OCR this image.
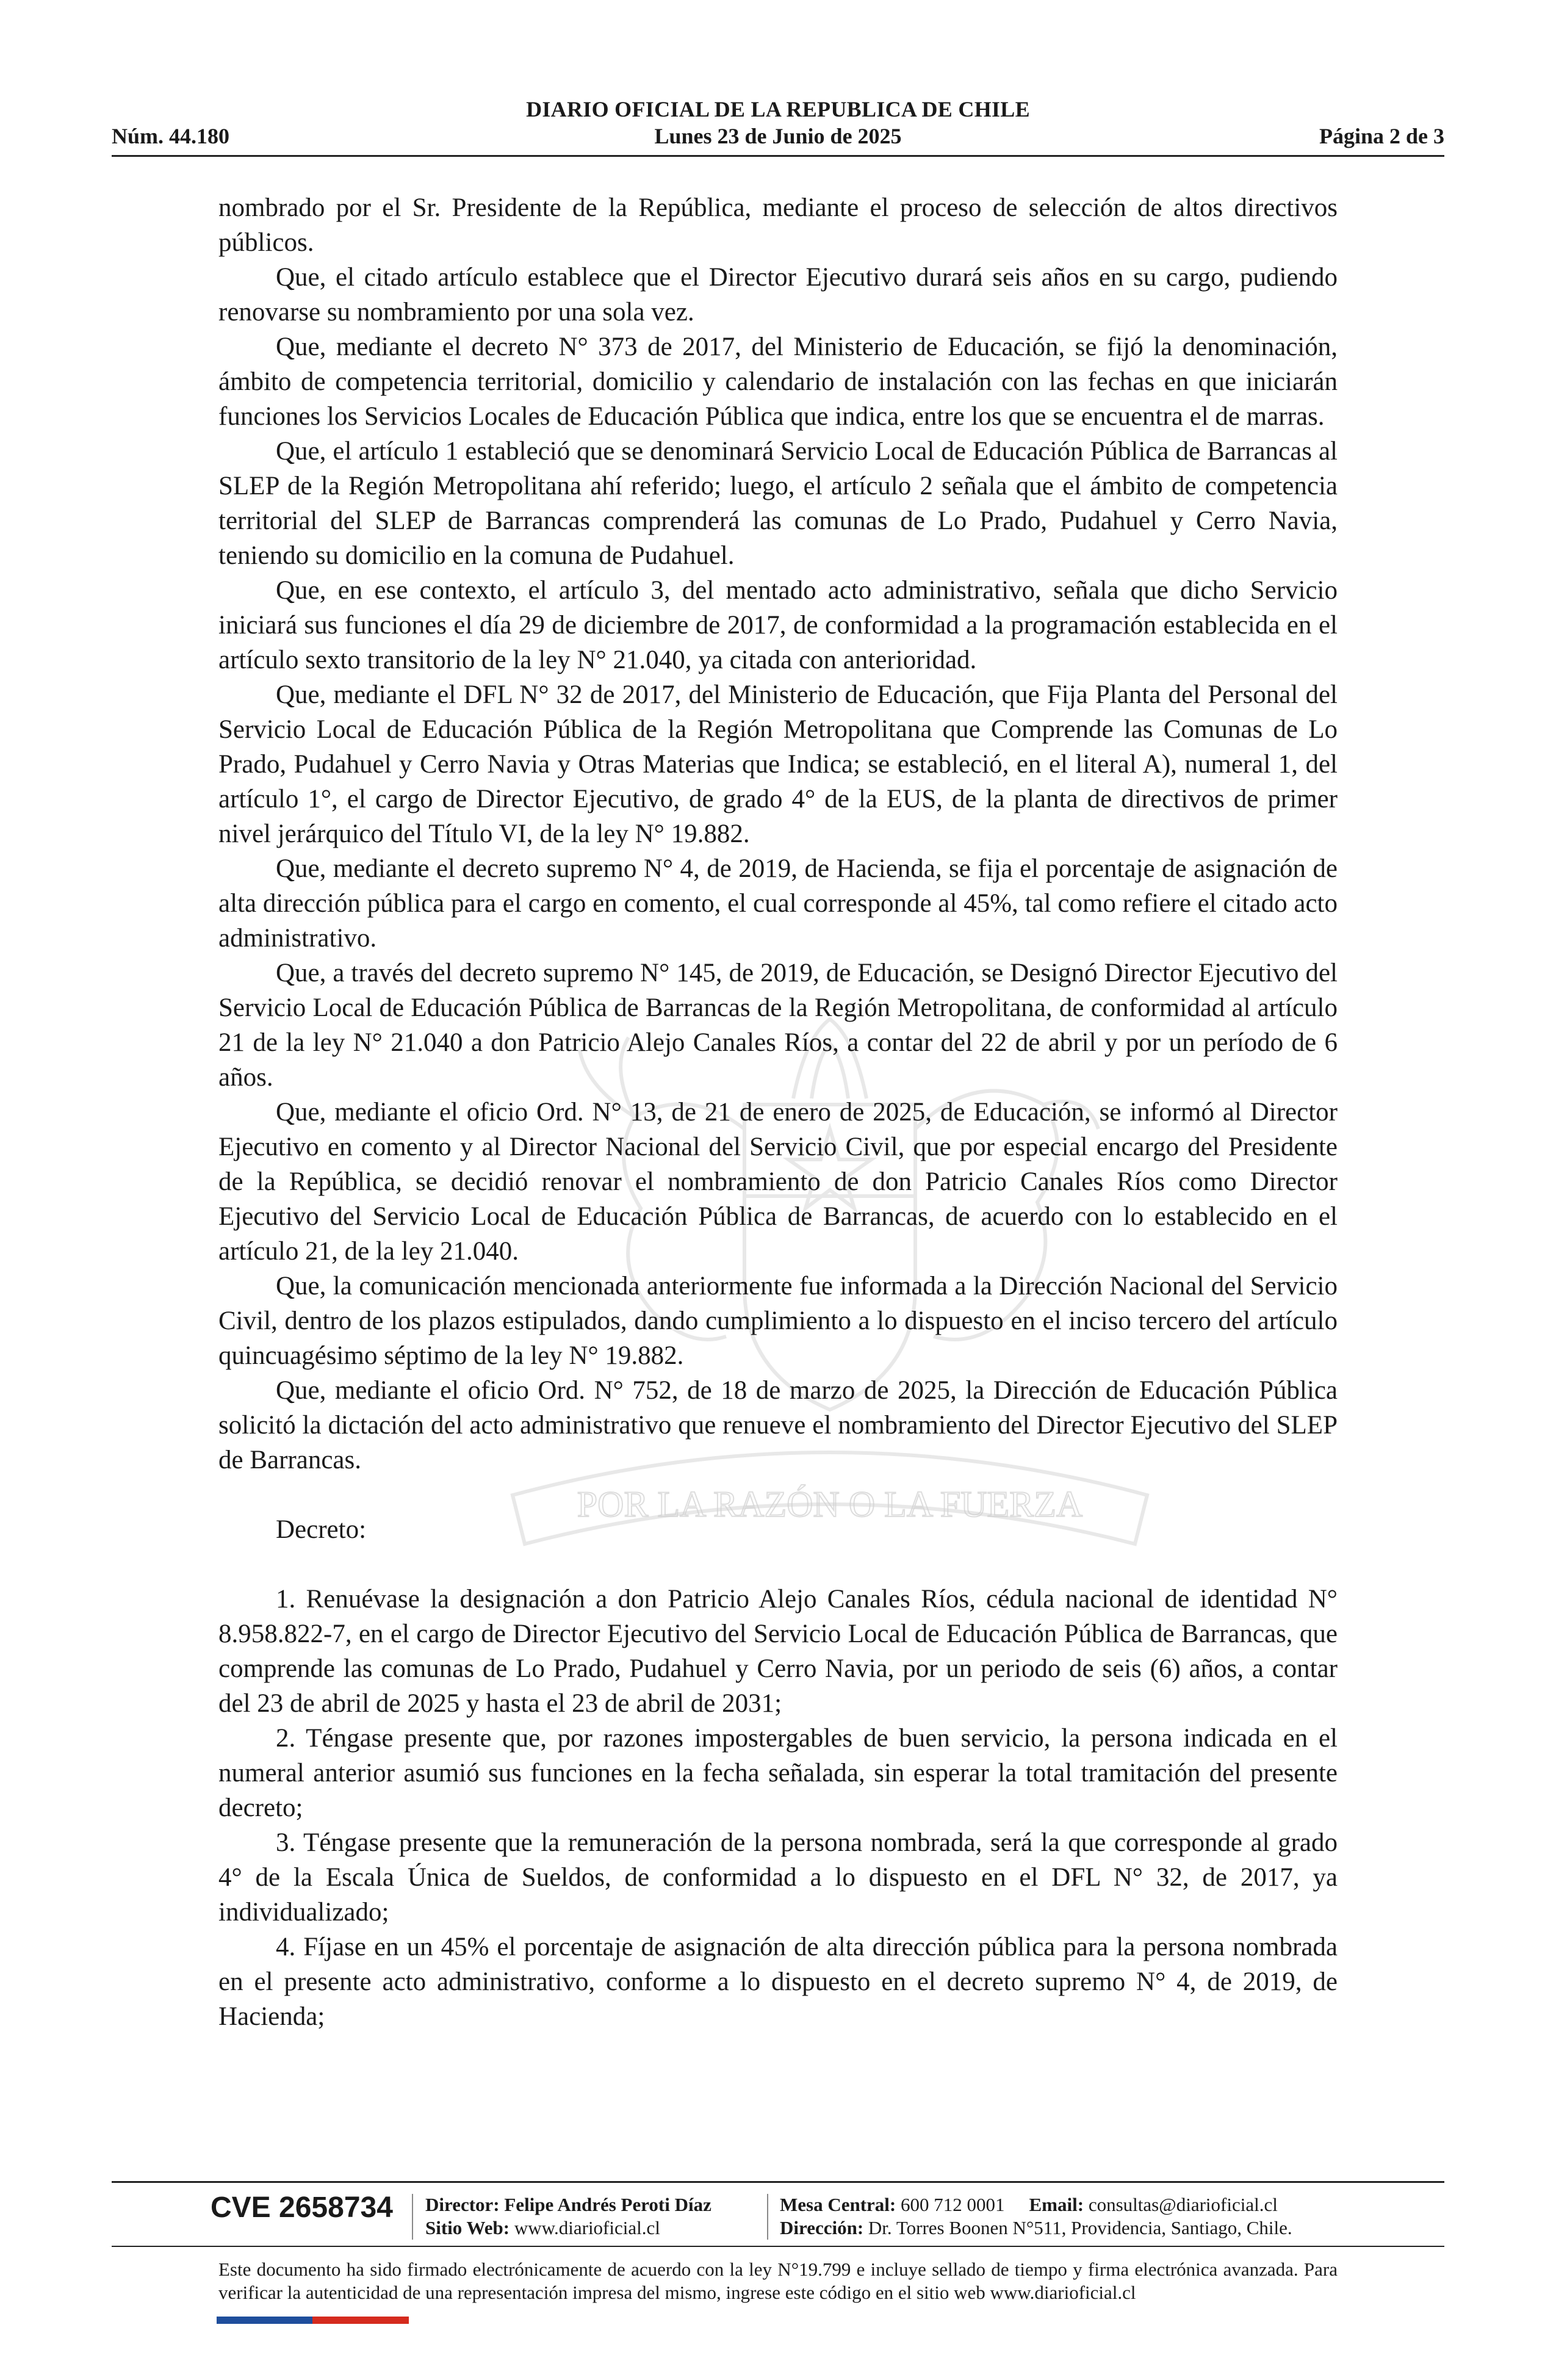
POR LA RAZÓN O LA FUERZA
DIARIO OFICIAL DE LA REPUBLICA DE CHILE
Núm. 44.180	Lunes 23 de Junio de 2025	Página 2 de 3

nombrado por el Sr. Presidente de la República, mediante el proceso de selección de altos directivos públicos.

Que, el citado artículo establece que el Director Ejecutivo durará seis años en su cargo, pudiendo renovarse su nombramiento por una sola vez.

Que, mediante el decreto N° 373 de 2017, del Ministerio de Educación, se fijó la denominación, ámbito de competencia territorial, domicilio y calendario de instalación con las fechas en que iniciarán funciones los Servicios Locales de Educación Pública que indica, entre los que se encuentra el de marras.

Que, el artículo 1 estableció que se denominará Servicio Local de Educación Pública de Barrancas al SLEP de la Región Metropolitana ahí referido; luego, el artículo 2 señala que el ámbito de competencia territorial del SLEP de Barrancas comprenderá las comunas de Lo Prado, Pudahuel y Cerro Navia, teniendo su domicilio en la comuna de Pudahuel.

Que, en ese contexto, el artículo 3, del mentado acto administrativo, señala que dicho Servicio iniciará sus funciones el día 29 de diciembre de 2017, de conformidad a la programación establecida en el artículo sexto transitorio de la ley N° 21.040, ya citada con anterioridad.

Que, mediante el DFL N° 32 de 2017, del Ministerio de Educación, que Fija Planta del Personal del Servicio Local de Educación Pública de la Región Metropolitana que Comprende las Comunas de Lo Prado, Pudahuel y Cerro Navia y Otras Materias que Indica; se estableció, en el literal A), numeral 1, del artículo 1°, el cargo de Director Ejecutivo, de grado 4° de la EUS, de la planta de directivos de primer nivel jerárquico del Título VI, de la ley N° 19.882.

Que, mediante el decreto supremo N° 4, de 2019, de Hacienda, se fija el porcentaje de asignación de alta dirección pública para el cargo en comento, el cual corresponde al 45%, tal como refiere el citado acto administrativo.

Que, a través del decreto supremo N° 145, de 2019, de Educación, se Designó Director Ejecutivo del Servicio Local de Educación Pública de Barrancas de la Región Metropolitana, de conformidad al artículo 21 de la ley N° 21.040 a don Patricio Alejo Canales Ríos, a contar del 22 de abril y por un período de 6 años.

Que, mediante el oficio Ord. N° 13, de 21 de enero de 2025, de Educación, se informó al Director Ejecutivo en comento y al Director Nacional del Servicio Civil, que por especial encargo del Presidente de la República, se decidió renovar el nombramiento de don Patricio Canales Ríos como Director Ejecutivo del Servicio Local de Educación Pública de Barrancas, de acuerdo con lo establecido en el artículo 21, de la ley 21.040.

Que, la comunicación mencionada anteriormente fue informada a la Dirección Nacional del Servicio Civil, dentro de los plazos estipulados, dando cumplimiento a lo dispuesto en el inciso tercero del artículo quincuagésimo séptimo de la ley N° 19.882.

Que, mediante el oficio Ord. N° 752, de 18 de marzo de 2025, la Dirección de Educación Pública solicitó la dictación del acto administrativo que renueve el nombramiento del Director Ejecutivo del SLEP de Barrancas.

Decreto:

1. Renuévase la designación a don Patricio Alejo Canales Ríos, cédula nacional de identidad N° 8.958.822-7, en el cargo de Director Ejecutivo del Servicio Local de Educación Pública de Barrancas, que comprende las comunas de Lo Prado, Pudahuel y Cerro Navia, por un periodo de seis (6) años, a contar del 23 de abril de 2025 y hasta el 23 de abril de 2031;

2. Téngase presente que, por razones impostergables de buen servicio, la persona indicada en el numeral anterior asumió sus funciones en la fecha señalada, sin esperar la total tramitación del presente decreto;

3. Téngase presente que la remuneración de la persona nombrada, será la que corresponde al grado 4° de la Escala Única de Sueldos, de conformidad a lo dispuesto en el DFL N° 32, de 2017, ya individualizado;

4. Fíjase en un 45% el porcentaje de asignación de alta dirección pública para la persona nombrada en el presente acto administrativo, conforme a lo dispuesto en el decreto supremo N° 4, de 2019, de Hacienda;

CVE 2658734 Director: Felipe Andrés Peroti Díaz
Sitio Web: www.diarioficial.cl
Mesa Central: 600 712 0001 Email: consultas@diarioficial.cl
Dirección: Dr. Torres Boonen N°511, Providencia, Santiago, Chile.
Este documento ha sido firmado electrónicamente de acuerdo con la ley N°19.799 e incluye sellado de tiempo y firma electrónica avanzada. Para verificar la autenticidad de una representación impresa del mismo, ingrese este código en el sitio web www.diarioficial.cl
